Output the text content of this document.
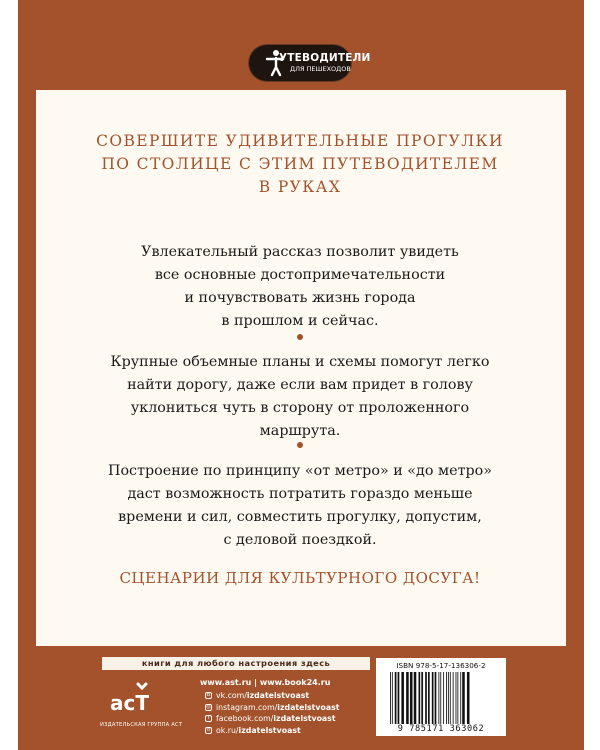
УТЕВОДИТЕЛИ
ДЛЯ ПЕШЕХОДОВ
СОВЕРШИТЕ УДИВИТЕЛЬНЫЕ ПРОГУЛКИ
ПО СТОЛИЦЕ С ЭТИМ ПУТЕВОДИТЕЛЕМ
В РУКАХ
Увлекательный рассказ позволит увидеть
все основные достопримечательности
и почувствовать жизнь города
в прошлом и сейчас.
Крупные объемные планы и схемы помогут легко
найти дорогу, даже если вам придет в голову
уклониться чуть в сторону от проложенного
маршрута.
Построение по принципу «от метро» и «до метро»
даст возможность потратить гораздо меньше
времени и сил, совместить прогулку, допустим,
с деловой поездкой.
СЦЕНАРИИ ДЛЯ КУЛЬТУРНОГО ДОСУГА!
книги для любого настроения здесь
acT
ИЗДАТЕЛЬСКАЯ ГРУППА АСТ
www.ast.ru | www.book24.ru
В vk.com/ izdatelstvoast
◎ instagram.com/ izdatelstvoast
f facebook.com/ izdatelstvoast
о ok.ru/ izdatelstvoast
ISBN 978-5-17-136306-2
9 785171 363062
